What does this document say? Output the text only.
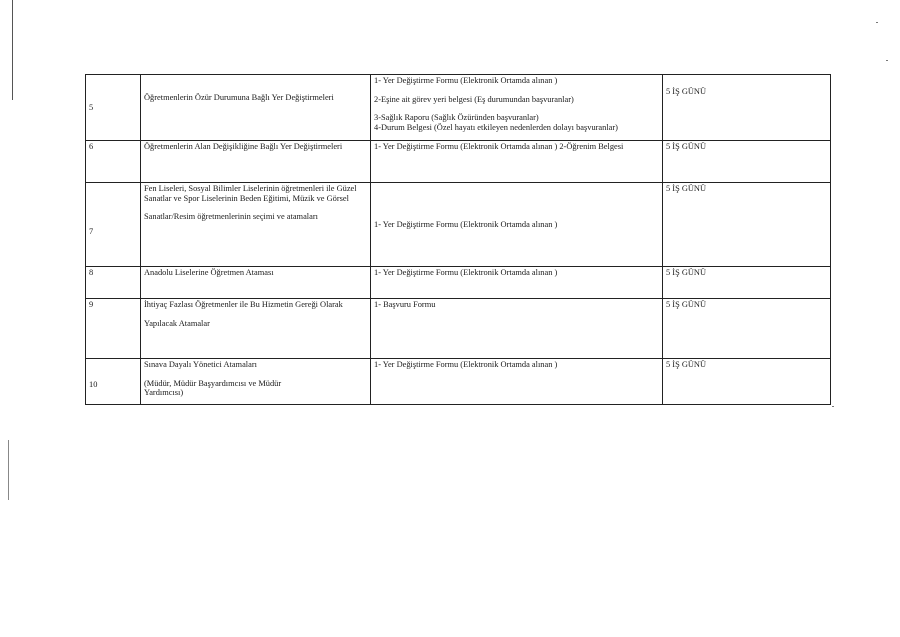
5	Öğretmenlerin Özür Durumuna Bağlı Yer Değiştirmeleri	1- Yer Değiştirme Formu (Elektronik Ortamda alınan )
2-Eşine ait görev yeri belgesi (Eş durumundan başvuranlar)
3-Sağlık Raporu (Sağlık Özüründen başvuranlar)
4-Durum Belgesi (Özel hayatı etkileyen nedenlerden dolayı başvuranlar)	5 İŞ GÜNÜ
6	Öğretmenlerin Alan Değişikliğine Bağlı Yer Değiştirmeleri	1- Yer Değiştirme Formu (Elektronik Ortamda alınan ) 2-Öğrenim Belgesi	5 İŞ GÜNÜ
7	Fen Liseleri, Sosyal Bilimler Liselerinin öğretmenleri ile Güzel
Sanatlar ve Spor Liselerinin Beden Eğitimi, Müzik ve Görsel
Sanatlar/Resim öğretmenlerinin seçimi ve atamaları	1- Yer Değiştirme Formu (Elektronik Ortamda alınan )	5 İŞ GÜNÜ
8	Anadolu Liselerine Öğretmen Ataması	1- Yer Değiştirme Formu (Elektronik Ortamda alınan )	5 İŞ GÜNÜ
9	İhtiyaç Fazlası Öğretmenler ile Bu Hizmetin Gereği Olarak
Yapılacak Atamalar	1- Başvuru Formu	5 İŞ GÜNÜ
10	Sınava Dayalı Yönetici Atamaları
(Müdür, Müdür Başyardımcısı ve Müdür Yardımcısı)	1- Yer Değiştirme Formu (Elektronik Ortamda alınan )	5 İŞ GÜNÜ
